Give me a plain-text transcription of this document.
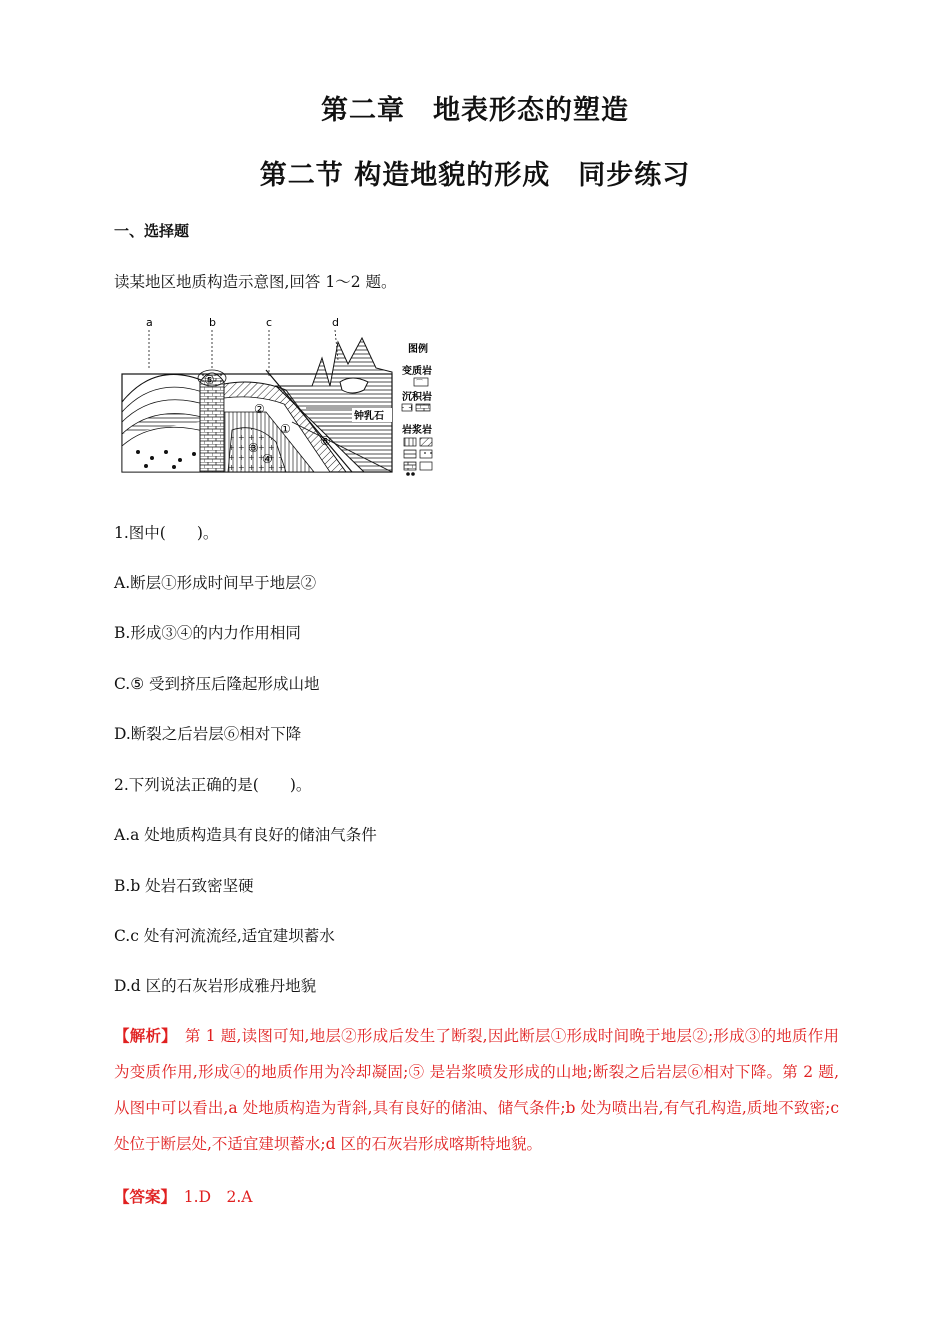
第二章　地表形态的塑造
第二节 构造地貌的形成　同步练习
一、选择题
读某地区地质构造示意图,回答 1～2 题。
a	b	c	d
⑤
②
①
⑥
③
④
钟乳石
图例
变质岩
⌒
沉积岩
岩浆岩
1.图中(　　)。
A.断层①形成时间早于地层②
B.形成③④的内力作用相同
C.⑤ 受到挤压后隆起形成山地
D.断裂之后岩层⑥相对下降
2.下列说法正确的是(　　)。
A.a 处地质构造具有良好的储油气条件
B.b 处岩石致密坚硬
C.c 处有河流流经,适宜建坝蓄水
D.d 区的石灰岩形成雅丹地貌
【解析】　第 1 题,读图可知,地层②形成后发生了断裂,因此断层①形成时间晚于地层②;形成③的地质作用为变质作用,形成④的地质作用为冷却凝固;⑤ 是岩浆喷发形成的山地;断裂之后岩层⑥相对下降。第 2 题,从图中可以看出,a 处地质构造为背斜,具有良好的储油、储气条件;b 处为喷出岩,有气孔构造,质地不致密;c 处位于断层处,不适宜建坝蓄水;d 区的石灰岩形成喀斯特地貌。
【答案】　 1.D　2.A
